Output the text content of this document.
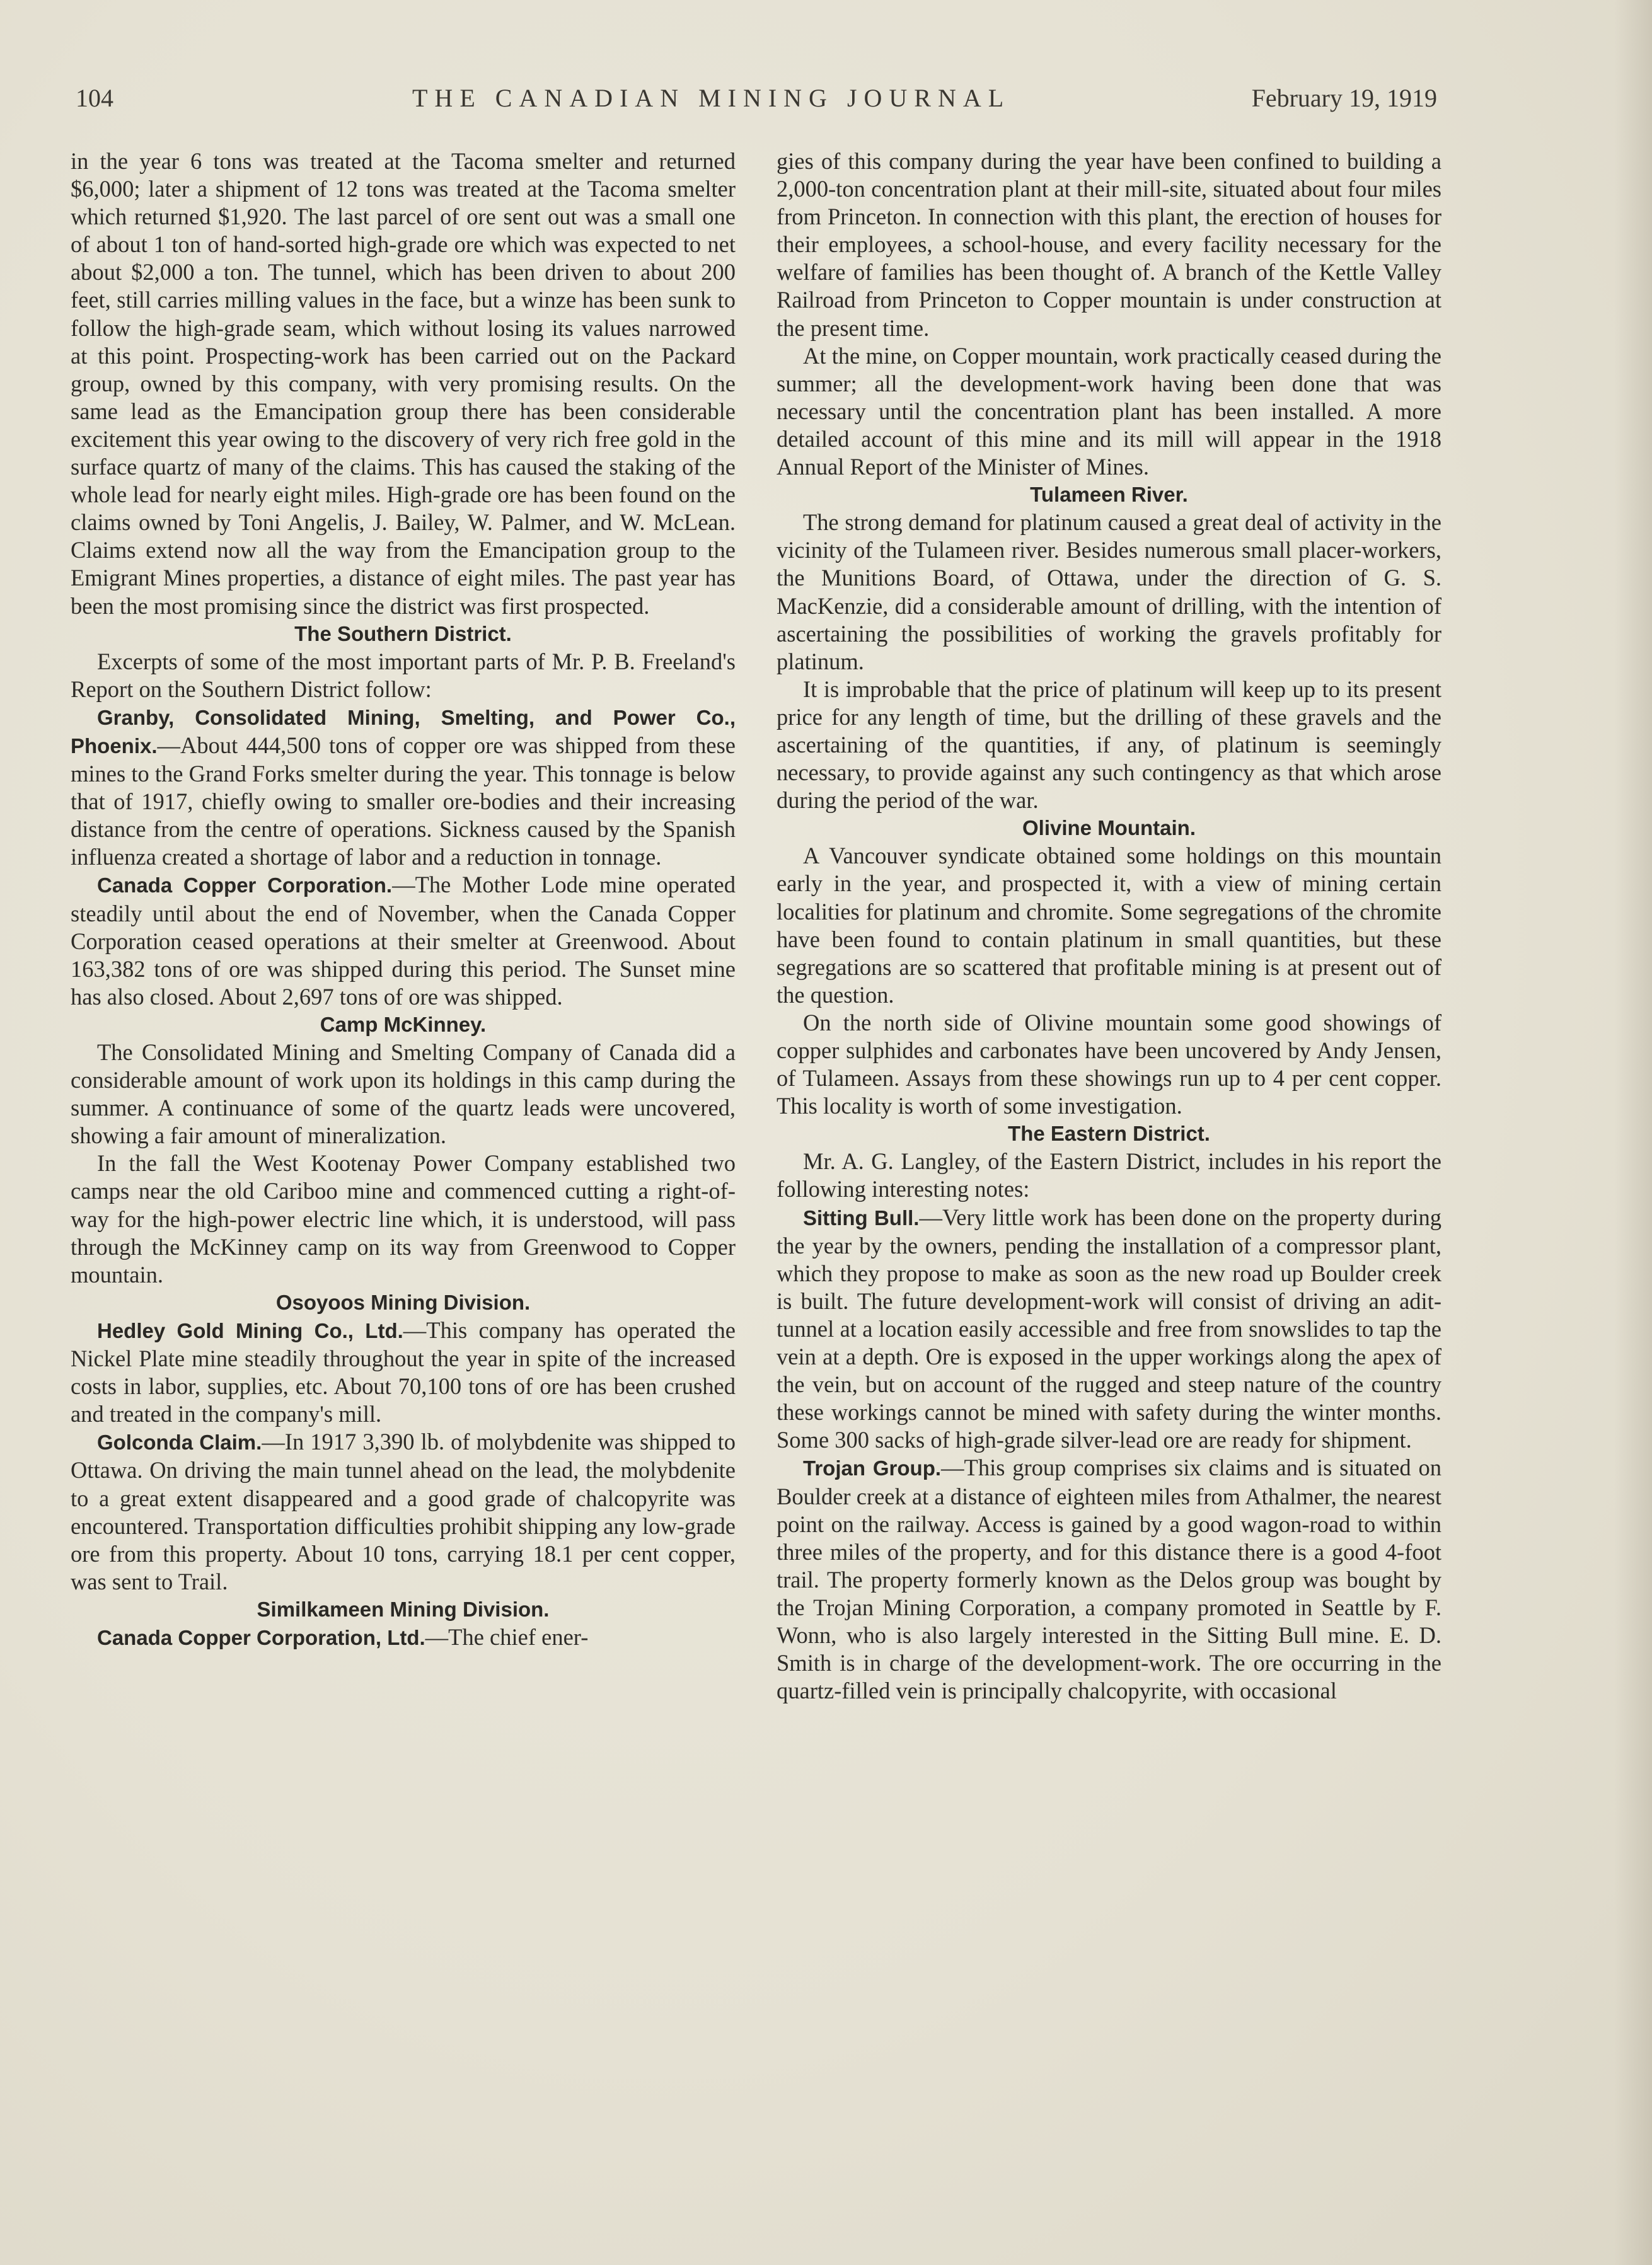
104	THE CANADIAN MINING JOURNAL	February 19, 1919

in the year 6 tons was treated at the Tacoma smelter and returned $6,000; later a shipment of 12 tons was treated at the Tacoma smelter which returned $1,920. The last parcel of ore sent out was a small one of about 1 ton of hand-sorted high-grade ore which was expected to net about $2,000 a ton. The tunnel, which has been driven to about 200 feet, still carries milling values in the face, but a winze has been sunk to follow the high-grade seam, which without losing its values narrowed at this point. Prospecting-work has been carried out on the Packard group, owned by this company, with very promising results. On the same lead as the Emancipation group there has been considerable excitement this year owing to the discovery of very rich free gold in the surface quartz of many of the claims. This has caused the staking of the whole lead for nearly eight miles. High-grade ore has been found on the claims owned by Toni Angelis, J. Bailey, W. Palmer, and W. McLean. Claims extend now all the way from the Emancipation group to the Emigrant Mines properties, a distance of eight miles. The past year has been the most promising since the district was first prospected.

The Southern District.

Excerpts of some of the most important parts of Mr. P. B. Freeland's Report on the Southern District follow:

Granby, Consolidated Mining, Smelting, and Power Co., Phoenix.—About 444,500 tons of copper ore was shipped from these mines to the Grand Forks smelter during the year. This tonnage is below that of 1917, chiefly owing to smaller ore-bodies and their increasing distance from the centre of operations. Sickness caused by the Spanish influenza created a shortage of labor and a reduction in tonnage.

Canada Copper Corporation.—The Mother Lode mine operated steadily until about the end of November, when the Canada Copper Corporation ceased operations at their smelter at Greenwood. About 163,382 tons of ore was shipped during this period. The Sunset mine has also closed. About 2,697 tons of ore was shipped.

Camp McKinney.

The Consolidated Mining and Smelting Company of Canada did a considerable amount of work upon its holdings in this camp during the summer. A continuance of some of the quartz leads were uncovered, showing a fair amount of mineralization.

In the fall the West Kootenay Power Company established two camps near the old Cariboo mine and commenced cutting a right-of-way for the high-power electric line which, it is understood, will pass through the McKinney camp on its way from Greenwood to Copper mountain.

Osoyoos Mining Division.

Hedley Gold Mining Co., Ltd.—This company has operated the Nickel Plate mine steadily throughout the year in spite of the increased costs in labor, supplies, etc. About 70,100 tons of ore has been crushed and treated in the company's mill.

Golconda Claim.—In 1917 3,390 lb. of molybdenite was shipped to Ottawa. On driving the main tunnel ahead on the lead, the molybdenite to a great extent disappeared and a good grade of chalcopyrite was encountered. Transportation difficulties prohibit shipping any low-grade ore from this property. About 10 tons, carrying 18.1 per cent copper, was sent to Trail.

Similkameen Mining Division.

Canada Copper Corporation, Ltd.—The chief ener-

gies of this company during the year have been confined to building a 2,000-ton concentration plant at their mill-site, situated about four miles from Princeton. In connection with this plant, the erection of houses for their employees, a school-house, and every facility necessary for the welfare of families has been thought of. A branch of the Kettle Valley Railroad from Princeton to Copper mountain is under construction at the present time.

At the mine, on Copper mountain, work practically ceased during the summer; all the development-work having been done that was necessary until the concentration plant has been installed. A more detailed account of this mine and its mill will appear in the 1918 Annual Report of the Minister of Mines.

Tulameen River.

The strong demand for platinum caused a great deal of activity in the vicinity of the Tulameen river. Besides numerous small placer-workers, the Munitions Board, of Ottawa, under the direction of G. S. MacKenzie, did a considerable amount of drilling, with the intention of ascertaining the possibilities of working the gravels profitably for platinum.

It is improbable that the price of platinum will keep up to its present price for any length of time, but the drilling of these gravels and the ascertaining of the quantities, if any, of platinum is seemingly necessary, to provide against any such contingency as that which arose during the period of the war.

Olivine Mountain.

A Vancouver syndicate obtained some holdings on this mountain early in the year, and prospected it, with a view of mining certain localities for platinum and chromite. Some segregations of the chromite have been found to contain platinum in small quantities, but these segregations are so scattered that profitable mining is at present out of the question.

On the north side of Olivine mountain some good showings of copper sulphides and carbonates have been uncovered by Andy Jensen, of Tulameen. Assays from these showings run up to 4 per cent copper. This locality is worth of some investigation.

The Eastern District.

Mr. A. G. Langley, of the Eastern District, includes in his report the following interesting notes:

Sitting Bull.—Very little work has been done on the property during the year by the owners, pending the installation of a compressor plant, which they propose to make as soon as the new road up Boulder creek is built. The future development-work will consist of driving an adit-tunnel at a location easily accessible and free from snowslides to tap the vein at a depth. Ore is exposed in the upper workings along the apex of the vein, but on account of the rugged and steep nature of the country these workings cannot be mined with safety during the winter months. Some 300 sacks of high-grade silver-lead ore are ready for shipment.

Trojan Group.—This group comprises six claims and is situated on Boulder creek at a distance of eighteen miles from Athalmer, the nearest point on the railway. Access is gained by a good wagon-road to within three miles of the property, and for this distance there is a good 4-foot trail. The property formerly known as the Delos group was bought by the Trojan Mining Corporation, a company promoted in Seattle by F. Wonn, who is also largely interested in the Sitting Bull mine. E. D. Smith is in charge of the development-work. The ore occurring in the quartz-filled vein is principally chalcopyrite, with occasional
